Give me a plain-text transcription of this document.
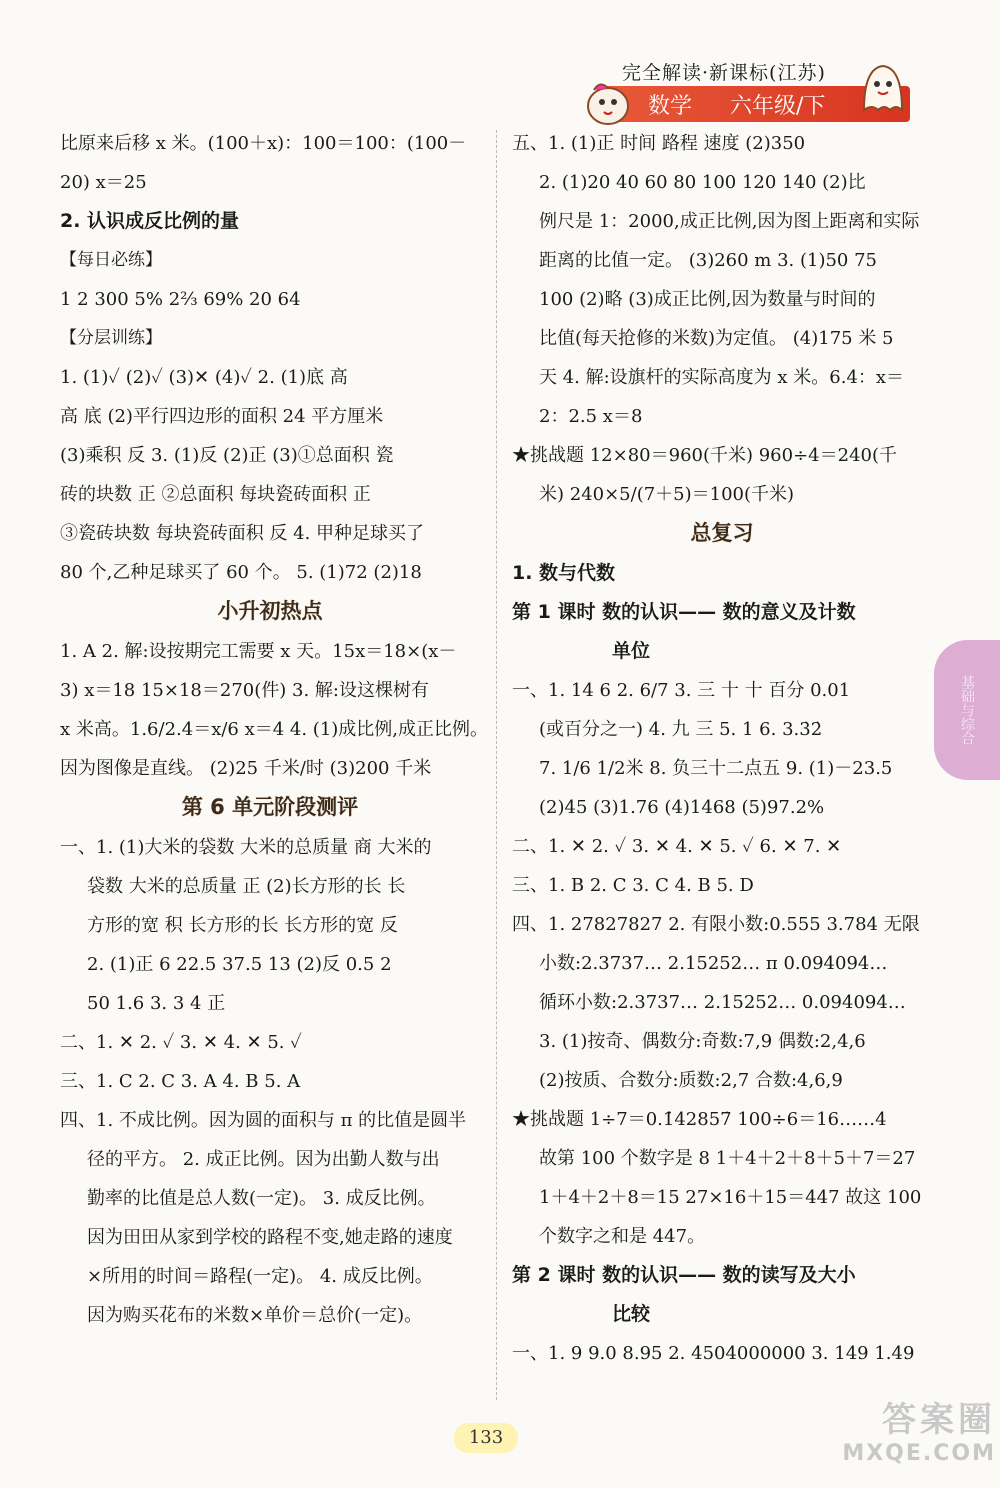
完全解读·新课标(江苏)
数学 六年级/下
比原来后移 x 米。(100＋x)：100＝100：(100－
20) x＝25
2. 认识成反比例的量
【每日必练】
1 2 300 5% 2²⁄₃ 69% 20 64
【分层训练】
1. (1)✓ (2)✓ (3)✕ (4)✓ 2. (1)底 高
高 底 (2)平行四边形的面积 24 平方厘米
(3)乘积 反 3. (1)反 (2)正 (3)①总面积 瓷
砖的块数 正 ②总面积 每块瓷砖面积 正
③瓷砖块数 每块瓷砖面积 反 4. 甲种足球买了
80 个,乙种足球买了 60 个。 5. (1)72 (2)18
小升初热点
1. A 2. 解:设按期完工需要 x 天。15x＝18×(x－
3) x＝18 15×18＝270(件) 3. 解:设这棵树有
x 米高。1.6/2.4＝x/6 x＝4 4. (1)成比例,成正比例。
因为图像是直线。 (2)25 千米/时 (3)200 千米
第 6 单元阶段测评
一、1. (1)大米的袋数 大米的总质量 商 大米的
袋数 大米的总质量 正 (2)长方形的长 长
方形的宽 积 长方形的长 长方形的宽 反
2. (1)正 6 22.5 37.5 13 (2)反 0.5 2
50 1.6 3. 3 4 正
二、1. ✕ 2. ✓ 3. ✕ 4. ✕ 5. ✓
三、1. C 2. C 3. A 4. B 5. A
四、1. 不成比例。因为圆的面积与 π 的比值是圆半
径的平方。 2. 成正比例。因为出勤人数与出
勤率的比值是总人数(一定)。 3. 成反比例。
因为田田从家到学校的路程不变,她走路的速度
×所用的时间＝路程(一定)。 4. 成反比例。
因为购买花布的米数×单价＝总价(一定)。
五、1. (1)正 时间 路程 速度 (2)350
2. (1)20 40 60 80 100 120 140 (2)比
例尺是 1：2000,成正比例,因为图上距离和实际
距离的比值一定。 (3)260 m 3. (1)50 75
100 (2)略 (3)成正比例,因为数量与时间的
比值(每天抢修的米数)为定值。 (4)175 米 5
天 4. 解:设旗杆的实际高度为 x 米。6.4：x＝
2：2.5 x＝8
★挑战题 12×80＝960(千米) 960÷4＝240(千
米) 240×5/(7＋5)＝100(千米)
总复习
1. 数与代数
第 1 课时 数的认识—— 数的意义及计数
单位
一、1. 14 6 2. 6/7 3. 三 十 十 百分 0.01
(或百分之一) 4. 九 三 5. 1 6. 3.3̇2̇
7. 1/6 1/2米 8. 负三十二点五 9. (1)－23.5
(2)45 (3)1.76 (4)1468 (5)97.2%
二、1. ✕ 2. ✓ 3. ✕ 4. ✕ 5. ✓ 6. ✕ 7. ✕
三、1. B 2. C 3. C 4. B 5. D
四、1. 27827827 2. 有限小数:0.555 3.784 无限
小数:2.3737… 2.15252… π 0.094094…
循环小数:2.3737… 2.15252… 0.094094…
3. (1)按奇、偶数分:奇数:7,9 偶数:2,4,6
(2)按质、合数分:质数:2,7 合数:4,6,9
★挑战题 1÷7＝0.1̇42857̇ 100÷6＝16……4
故第 100 个数字是 8 1＋4＋2＋8＋5＋7＝27
1＋4＋2＋8＝15 27×16＋15＝447 故这 100
个数字之和是 447。
第 2 课时 数的认识—— 数的读写及大小
比较
一、1. 9 9.0 8.95 2. 4504000000 3. 149 1.49
基础与综合
133	答案圈
MXQE.COM
